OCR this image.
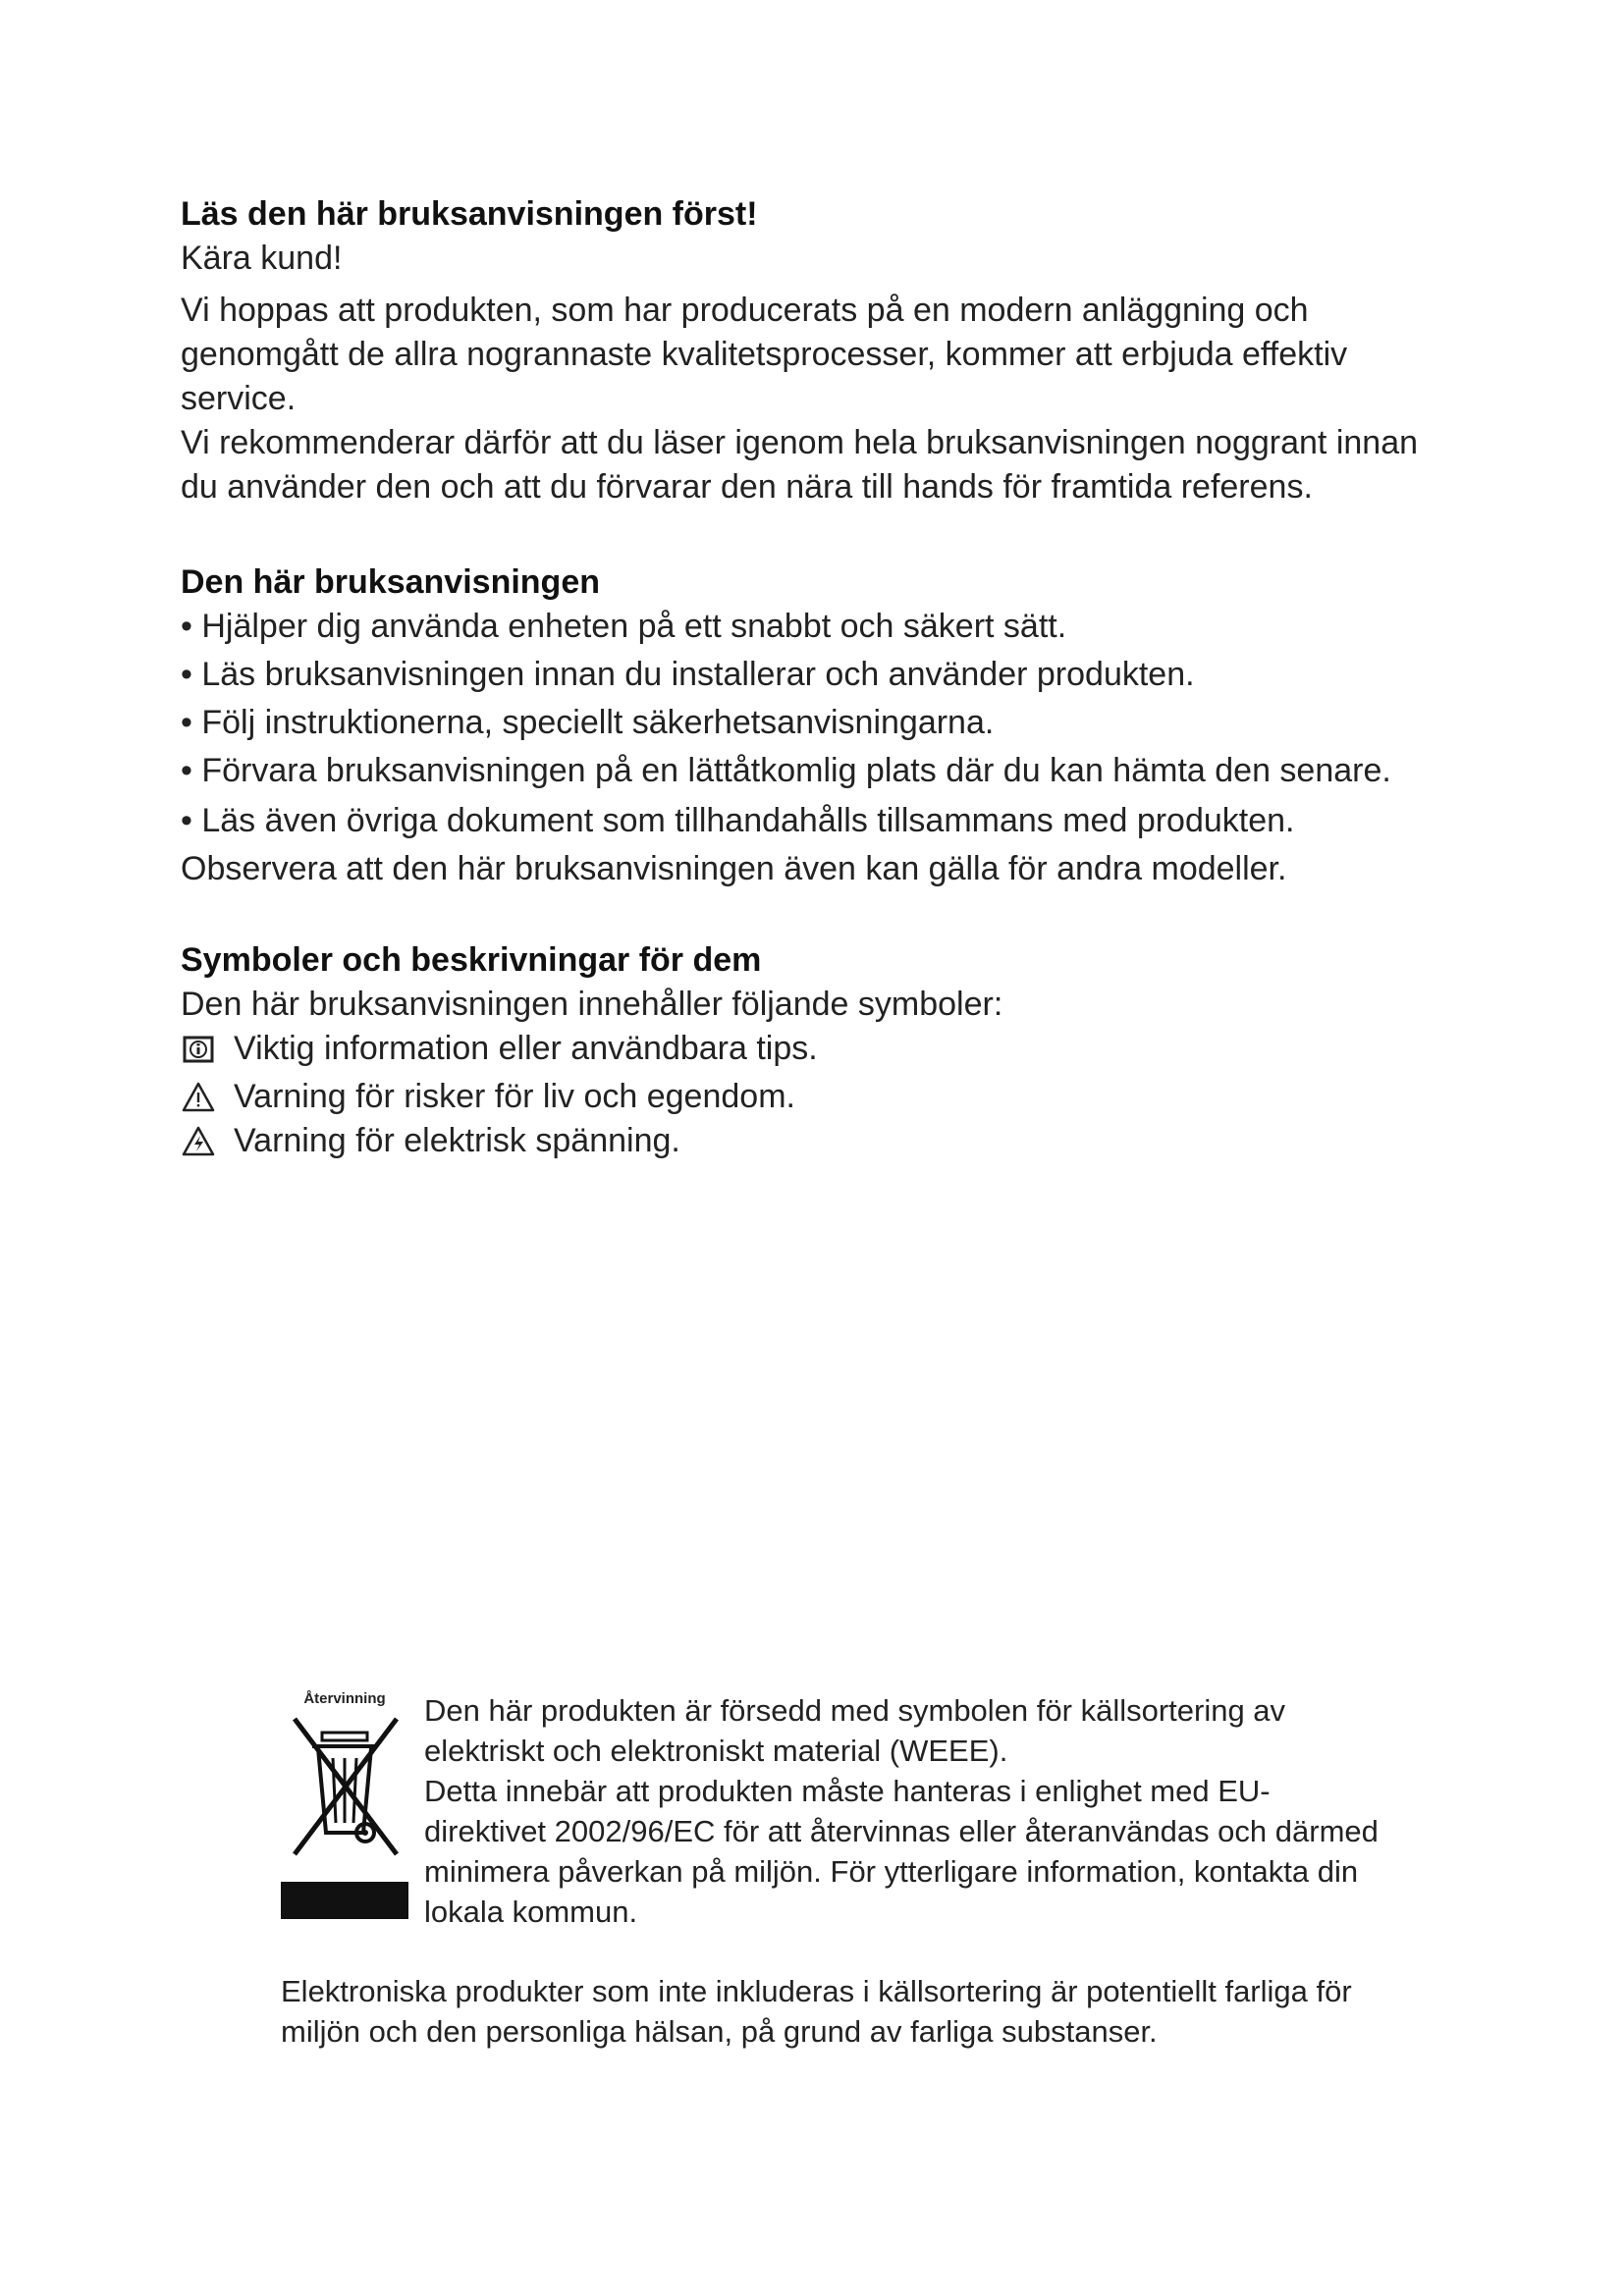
Läs den här bruksanvisningen först!

Kära kund!

Vi hoppas att produkten, som har producerats på en modern anläggning och genomgått de allra nogrannaste kvalitetsprocesser, kommer att erbjuda effektiv service.

Vi rekommenderar därför att du läser igenom hela bruksanvisningen noggrant innan du använder den och att du förvarar den nära till hands för framtida referens.

Den här bruksanvisningen

• Hjälper dig använda enheten på ett snabbt och säkert sätt.

• Läs bruksanvisningen innan du installerar och använder produkten.

• Följ instruktionerna, speciellt säkerhetsanvisningarna.

• Förvara bruksanvisningen på en lättåtkomlig plats där du kan hämta den senare.

• Läs även övriga dokument som tillhandahålls tillsammans med produkten.

Observera att den här bruksanvisningen även kan gälla för andra modeller.

Symboler och beskrivningar för dem

Den här bruksanvisningen innehåller följande symboler:

Viktig information eller användbara tips.
Varning för risker för liv och egendom.
Varning för elektrisk spänning.
Återvinning	Den här produkten är försedd med symbolen för källsortering av elektriskt och elektroniskt material (WEEE).

Detta innebär att produkten måste hanteras i enlighet med EU-direktivet 2002/96/EC för att återvinnas eller återanvändas och därmed minimera påverkan på miljön. För ytterligare information, kontakta din lokala kommun.

Elektroniska produkter som inte inkluderas i källsortering är potentiellt farliga för miljön och den personliga hälsan, på grund av farliga substanser.
